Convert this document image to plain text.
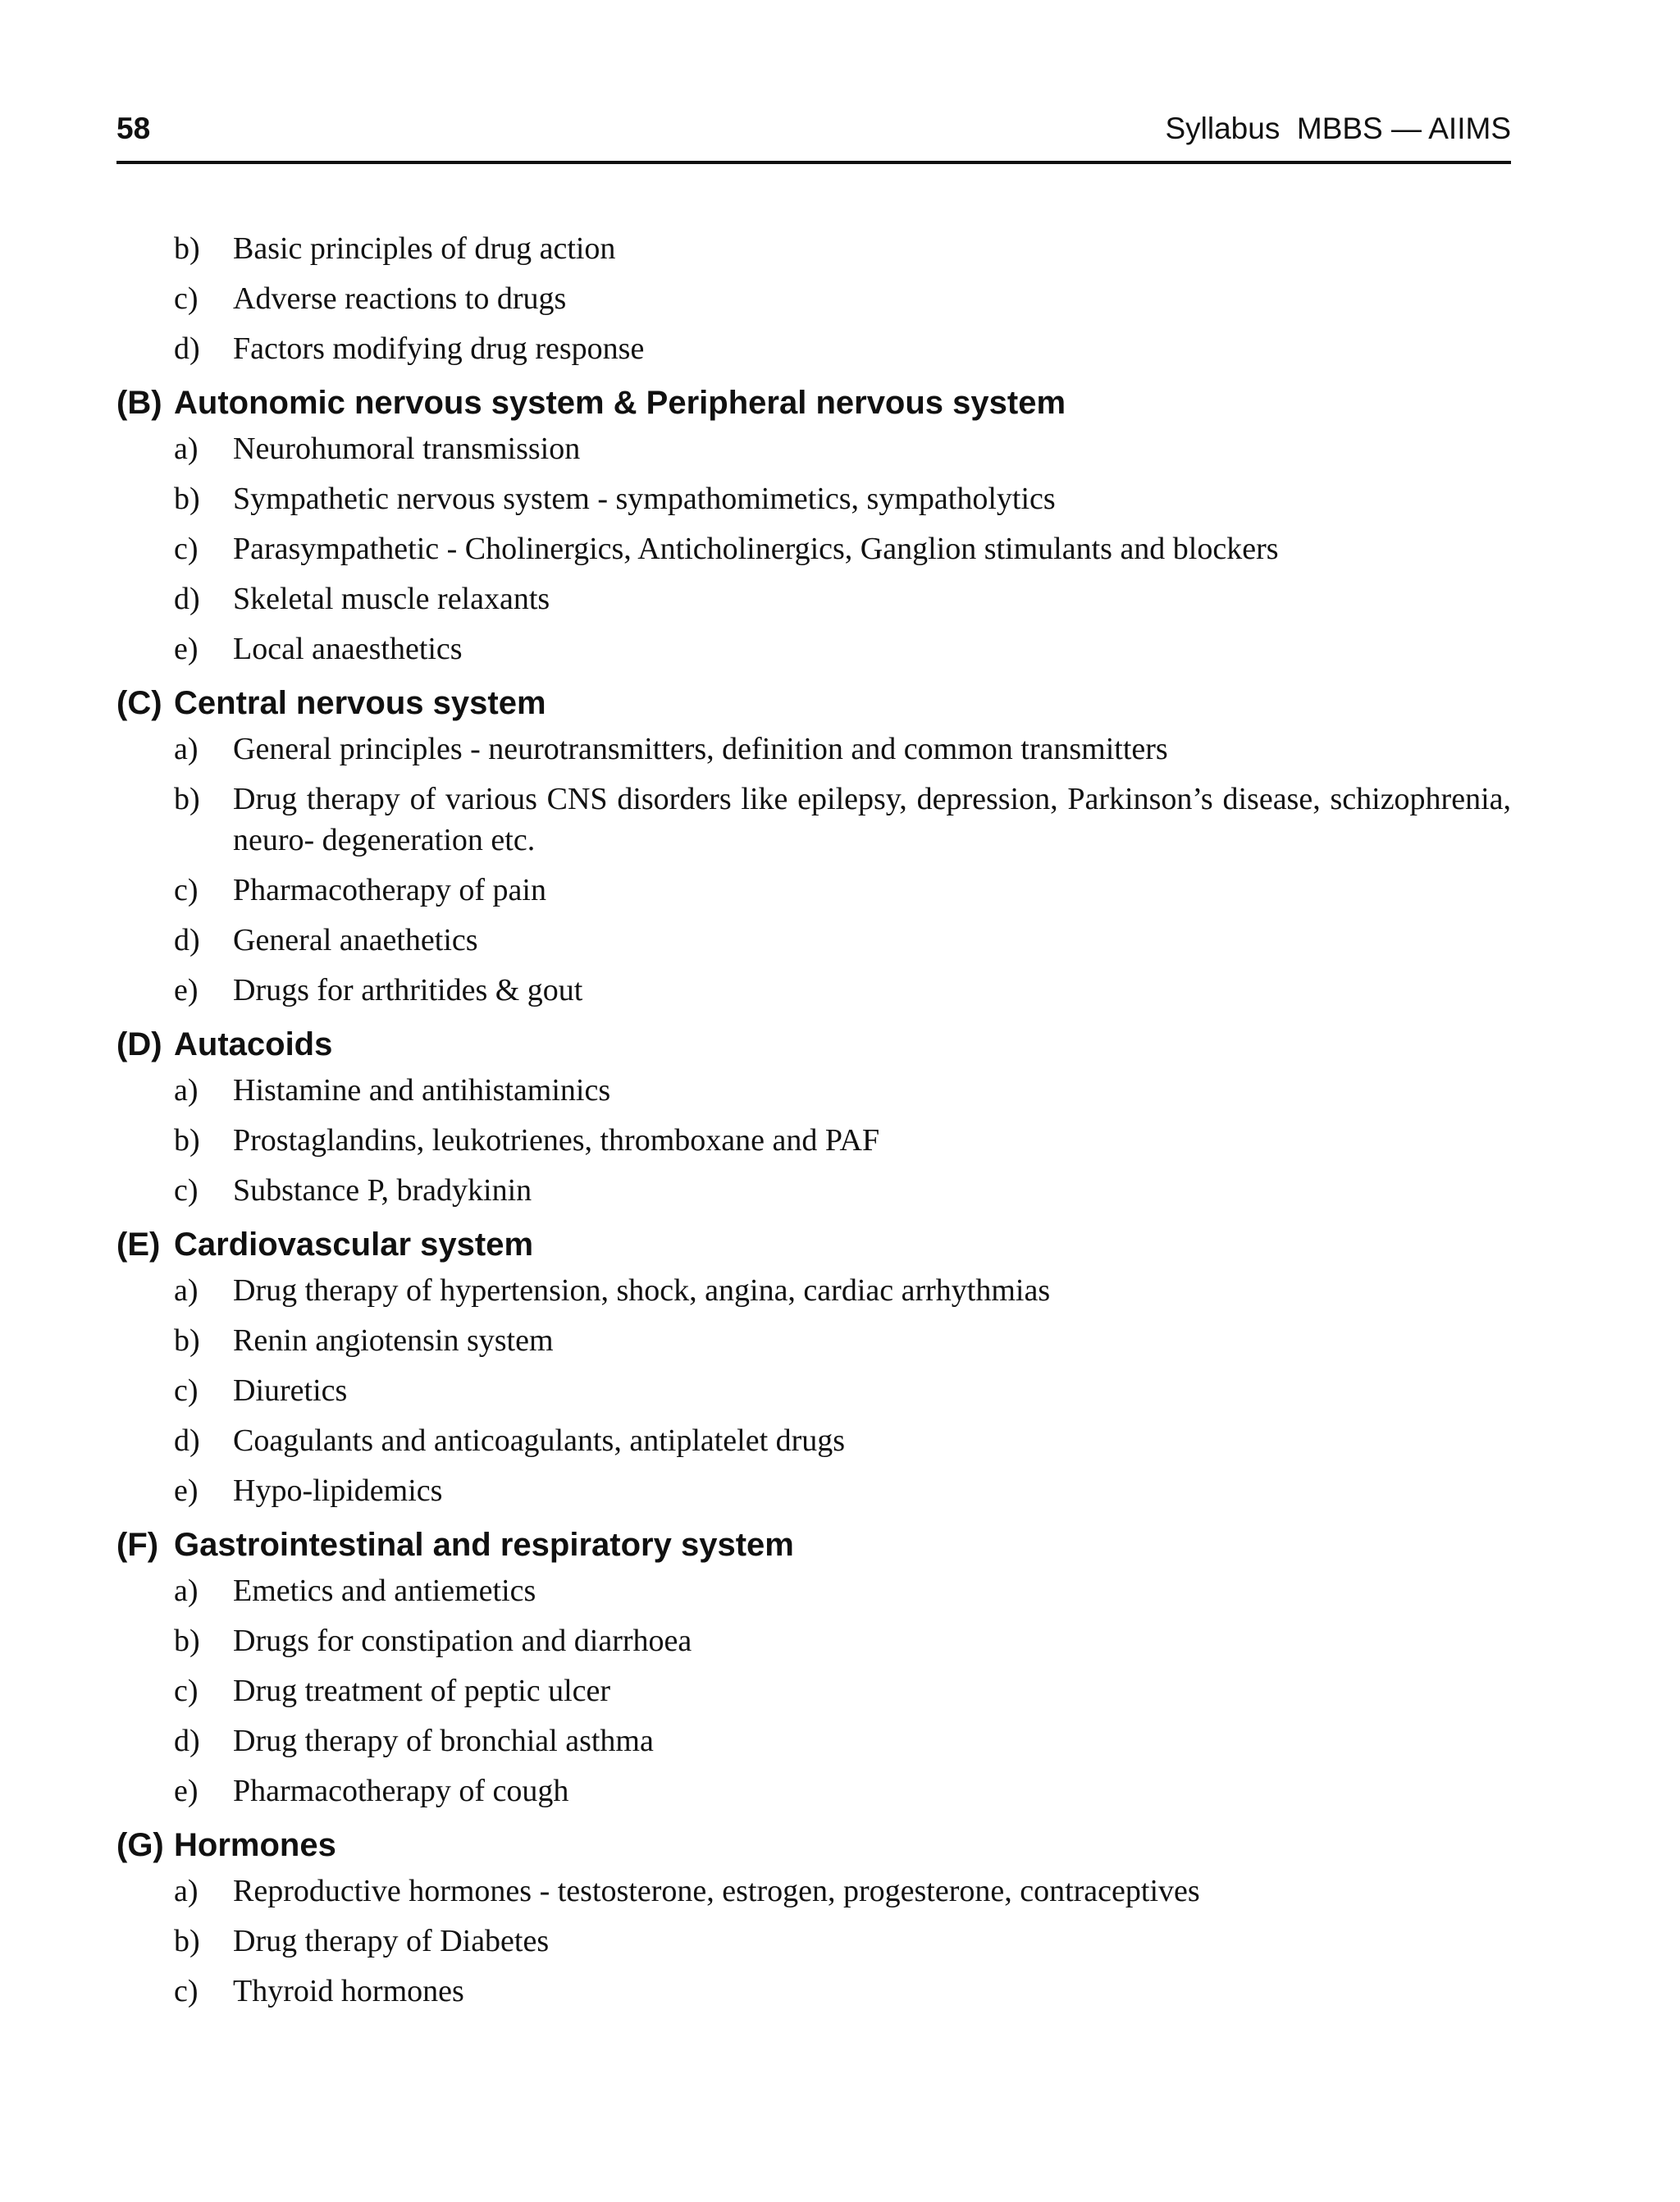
58	Syllabus  MBBS — AIIMS
b)	Basic principles of drug action
c)	Adverse reactions to drugs
d)	Factors modifying drug response
(B) Autonomic nervous system & Peripheral nervous system
a)	Neurohumoral transmission
b)	Sympathetic nervous system - sympathomimetics, sympatholytics
c)	Parasympathetic - Cholinergics, Anticholinergics, Ganglion stimulants and blockers
d)	Skeletal muscle relaxants
e)	Local anaesthetics
(C) Central nervous system
a)	General principles - neurotransmitters, definition and common transmitters
b)	Drug therapy of various CNS disorders like epilepsy, depression, Parkinson’s disease, schizophrenia, neuro- degeneration etc.
c)	Pharmacotherapy of pain
d)	General anaethetics
e)	Drugs for arthritides & gout
(D) Autacoids
a)	Histamine and antihistaminics
b)	Prostaglandins, leukotrienes, thromboxane and PAF
c)	Substance P, bradykinin
(E) Cardiovascular system
a)	Drug therapy of hypertension, shock, angina, cardiac arrhythmias
b)	Renin angiotensin system
c)	Diuretics
d)	Coagulants and anticoagulants, antiplatelet drugs
e)	Hypo-lipidemics
(F) Gastrointestinal and respiratory system
a)	Emetics and antiemetics
b)	Drugs for constipation and diarrhoea
c)	Drug treatment of peptic ulcer
d)	Drug therapy of bronchial asthma
e)	Pharmacotherapy of cough
(G) Hormones
a)	Reproductive hormones - testosterone, estrogen, progesterone, contraceptives
b)	Drug therapy of Diabetes
c)	Thyroid hormones
